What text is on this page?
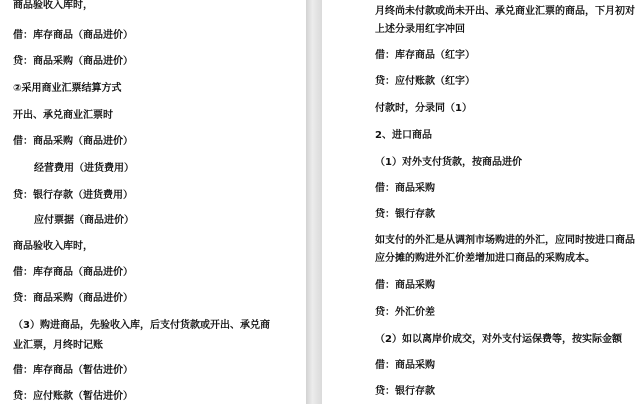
商品验收入库时，
借：库存商品（商品进价）
贷：商品采购（商品进价）
②采用商业汇票结算方式
开出、承兑商业汇票时
借：商品采购（商品进价）
经营费用（进货费用）
贷：银行存款（进货费用）
应付票据（商品进价）
商品验收入库时，
借：库存商品（商品进价）
贷：商品采购（商品进价）
（3）购进商品，先验收入库，后支付货款或开出、承兑商
业汇票，月终时记账
借：库存商品（暂估进价）
贷：应付账款（暂估进价）
月终尚未付款或尚未开出、承兑商业汇票的商品，下月初对
上述分录用红字冲回
借：库存商品（红字）
贷：应付账款（红字）
付款时，分录同（1）
2、进口商品
（1）对外支付货款，按商品进价
借：商品采购
贷：银行存款
如支付的外汇是从调剂市场购进的外汇，应同时按进口商品
应分摊的购进外汇价差增加进口商品的采购成本。
借：商品采购
贷：外汇价差
（2）如以离岸价成交，对外支付运保费等，按实际金额
借：商品采购
贷：银行存款
